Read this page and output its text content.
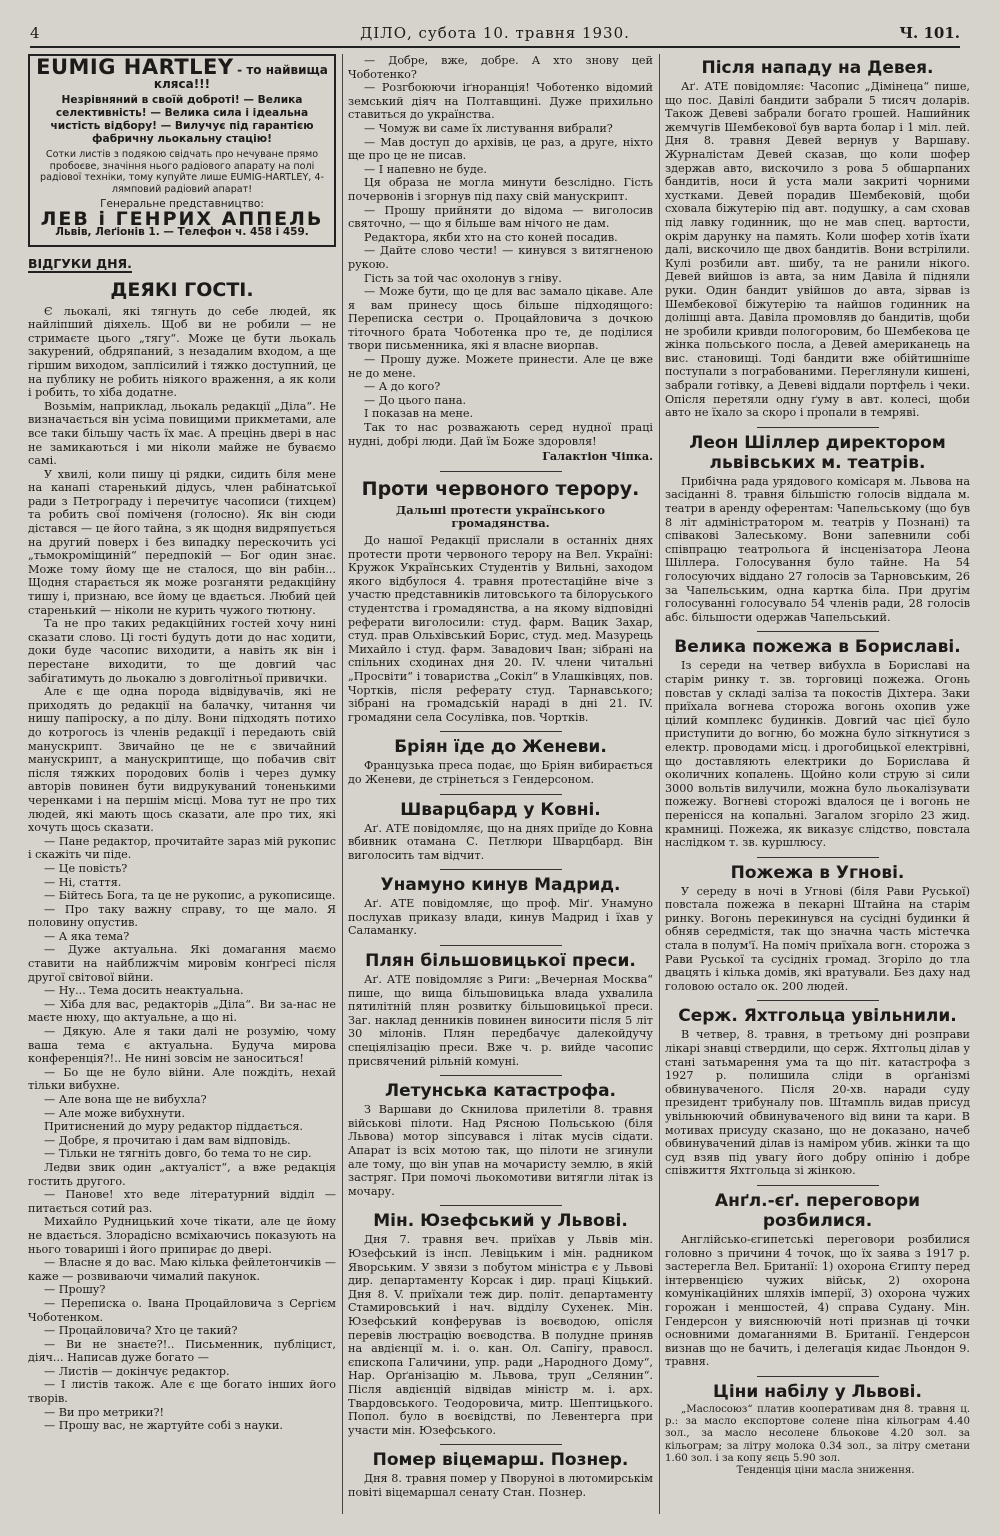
4	ДІЛО, субота 10. травня 1930.	Ч. 101.
EUMIG HARTLEY - то найвища кляса!!!
Незрівняний в своїй доброті! — Велика селективність! — Велика сила і ідеальна чистість відбору! — Вилучує під гарантією фабричну льокальну стацію!
Сотки листів з подякою свідчать про нечуване прямо пробоєве, значіння нього радіового апарату на полі радіової техніки, тому купуйте лише EUMIG-HARTLEY, 4-лямповий радіовий апарат!
Генеральне представництво:
ЛЕВ і ГЕНРИХ АППЕЛЬ
Львів, Леґіонів 1. — Телефон ч. 458 і 459.
ВІДГУКИ ДНЯ.
ДЕЯКІ ГОСТІ.

Є льокалі, які тягнуть до себе людей, як найліпший діяхель. Щоб ви не робили — не стримаєте цього „тягу“. Може це бути льокаль закурений, обдряпаний, з незадалим входом, а ще гіршим виходом, заплісилий і тяжко доступний, це на публику не робить ніякого враження, а як коли і робить, то хіба додатне.

Возьмім, наприклад, льокаль редакції „Діла“. Не визначається він усіма повищими прикметами, але все таки більшу часть їх має. А прецінь двері в нас не замикаються і ми ніколи майже не буваємо самі.

У хвилі, коли пишу ці рядки, сидить біля мене на канапі старенький дідусь, член рабінатської ради з Петрограду і перечитує часописи (тихцем) та робить свої поміченя (голосно). Як він сюди дістався — це його тайна, з як щодня видряпується на другий поверх і без випадку перескочить усі „тьмокроміщиній“ передпокій — Бог один знає. Може тому йому ще не сталося, що він рабін... Щодня старається як може розганяти редакційну тишу і, признаю, все йому це вдається. Любий цей старенький — ніколи не курить чужого тютюну.

Та не про таких редакційних гостей хочу нині сказати слово. Ці гості будуть доти до нас ходити, доки буде часопис виходити, а навіть як він і перестане виходити, то ще довгий час забігатимуть до льокалю з довголітньої привички.

Але є ще одна порода відвідувачів, які не приходять до редакції на балачку, читання чи нишу папіроску, а по ділу. Вони підходять потихо до котрогось із членів редакції і передають свій манускрипт. Звичайно це не є звичайний манускрипт, а манускриптище, що побачив світ після тяжких породових болів і через думку авторів повинен бути видрукуваний тоненькими черенками і на першім місці. Мова тут не про тих людей, які мають щось сказати, але про тих, які хочуть щось сказати.

— Пане редактор, прочитайте зараз мій рукопис і скажіть чи піде.

— Це повість?

— Ні, стаття.

— Бійтесь Бога, та це не рукопис, а рукописище.

— Про таку важну справу, то ще мало. Я половину опустив.

— А яка тема?

— Дуже актуальна. Які домагання маємо ставити на найближчім мировім конґресі після другої світової війни.

— Ну... Тема досить неактуальна.

— Хіба для вас, редакторів „Діла“. Ви за-нас не маєте нюху, що актуальне, а що ні.

— Дякую. Але я таки далі не розумію, чому ваша тема є актуальна. Будуча мирова конференція?!.. Не нині зовсім не заноситься!

— Бо ще не було війни. Але пождіть, нехай тільки вибухне.

— Але вона ще не вибухла?

— Але може вибухнути.

Притиснений до муру редактор піддається.

— Добре, я прочитаю і дам вам відповідь.

— Тільки не тягніть довго, бо тема то не сир.

Ледви звик один „актуаліст“, а вже редакція гостить другого.

— Панове! хто веде літературний відділ — питається сотий раз.

Михайло Рудницький хоче тікати, але це йому не вдається. Злорадісно всміхаючись показують на нього товариші і його припирає до двері.

— Власне я до вас. Маю кілька фейлетончиків — каже — розвиваючи чималий пакунок.

— Прошу?

— Переписка о. Івана Процайловича з Сергієм Чоботенком.

— Процайловича? Хто це такий?

— Ви не знаєте?!.. Письменник, публіцист, діяч... Написав дуже богато —

— Листів — докінчує редактор.

— І листів також. Але є ще богато інших його творів.

— Ви про метрики?!

— Прошу вас, не жартуйте собі з науки.

— Добре, вже, добре. А хто знову цей Чоботенко?

— Розгбоюючи іґноранція! Чоботенко відомий земський діяч на Полтавщині. Дуже прихильно ставиться до українства.

— Чомуж ви саме їх листування вибрали?

— Мав доступ до архівів, це раз, а друге, ніхто ще про це не писав.

— І напевно не буде.

Ця образа не могла минути безслідно. Гість почервонів і згорнув під паху свій манускрипт.

— Прошу прийняти до відома — виголосив святочно, — що я більше вам нічого не дам.

Редактора, якби хто на сто коней посадив.

— Дайте слово чести! — кинувся з витягненою рукою.

Гість за той час охолонув з гніву.

— Може бути, що це для вас замало цікаве. Але я вам принесу щось більше підходящого: Переписка сестри о. Процайловича з дочкою тіточного брата Чоботенка про те, де поділися твори письменника, які я власне виорпав.

— Прошу дуже. Можете принести. Але це вже не до мене.

— А до кого?

— До цього пана.

І показав на мене.

Так то нас розважають серед нудної праці нудні, добрі люди. Дай їм Боже здоровля!

Галактіон Чіпка.

Проти червоного терору.
Дальші протести українського громадянства.

До нашої Редакції прислали в останніх днях протести проти червоного терору на Вел. Україні: Кружок Українських Студентів у Вильні, заходом якого відбулося 4. травня протестаційне віче з участю представників литовського та білоруського студентства і громадянства, а на якому відповідні реферати виголосили: студ. фарм. Вацик Захар, студ. прав Ольхівський Борис, студ. мед. Мазурець Михайло і студ. фарм. Завадович Іван; зібрані на спільних сходинах дня 20. IV. члени читальні „Просвіти“ і товариства „Сокіл“ в Улашківцях, пов. Чортків, після реферату студ. Тарнавського; зібрані на громадській нараді в дні 21. IV. громадяни села Сосулівка, пов. Чортків.

Бріян їде до Женеви.

Французька преса подає, що Бріян вибирається до Женеви, де стрінеться з Гендерсоном.

Шварцбард у Ковні.

Аґ. АТЕ повідомляє, що на днях приїде до Ковна вбивник отамана С. Петлюри Шварцбард. Він виголосить там відчит.

Унамуно кинув Мадрид.

Аґ. АТЕ повідомляє, що проф. Міґ. Унамуно послухав приказу влади, кинув Мадрид і їхав у Саламанку.

Плян більшовицької преси.

Аґ. АТЕ повідомляє з Риги: „Вечерная Москва“ пише, що вища більшовицька влада ухвалила пятилітній плян розвитку більшовицької преси. Заг. наклад денників повинен виносити після 5 літ 30 мілонів. Плян передбачує далекойдучу спеціялізацію преси. Вже ч. р. вийде часопис присвячений рільній комуні.

Летунська катастрофа.

З Варшави до Скнилова прилетіли 8. травня військові пілоти. Над Рясною Польською (біля Львова) мотор зіпсувався і літак мусів сідати. Апарат із всіх мотою так, що пілоти не згинули але тому, що він упав на мочаристу землю, в якій застряг. При помочі льокомотиви витягли літак із мочару.

Мін. Юзефський у Львові.

Дня 7. травня веч. приїхав у Львів мін. Юзефський із інсп. Левіцьким і мін. радником Яворським. У звязи з побутом міністра є у Львові дир. департаменту Корсак і дир. праці Кіцький. Дня 8. V. приїхали теж дир. політ. департаменту Стамировський і нач. відділу Сухенек. Мін. Юзефський конферував із воєводою, опісля перевів люстрацію воєводства. В полудне приняв на авдієнції м. і. о. кан. Ол. Сапігу, правосл. єпископа Галичини, упр. ради „Народного Дому“, Нар. Орґанізацію м. Львова, труп „Селянин“. Після авдієнцій відвідав міністр м. і. арх. Твардовського. Теодоровича, митр. Шептицького. Попол. було в воєвідстві, по Левентерга при участи мін. Юзефського.

Помер віцемарш. Познер.

Дня 8. травня помер у Пворуноі в лютомирськім повіті віцемаршал сенату Стан. Познер.

Після нападу на Девея.

Аґ. АТЕ повідомляє: Часопис „Дімінеца“ пише, що пос. Давілі бандити забрали 5 тисяч доларів. Також Девеві забрали богато грошей. Нашийник жемчугів Шембекової був варта болар і 1 міл. лей. Дня 8. травня Девей вернув у Варшаву. Журналістам Девей сказав, що коли шофер здержав авто, вискочило з рова 5 обшарпаних бандитів, носи й уста мали закриті чорними хустками. Девей порадив Шембековій, щоби сховала біжутерію під авт. подушку, а сам сховав під лавку годинник, що не мав спец. вартости, окрім дарунку на память. Коли шофер хотів їхати далі, вискочило ще двох бандитів. Вони встрілили. Кулі розбили авт. шибу, та не ранили нікого. Девей вийшов із авта, за ним Давіла й підняли руки. Один бандит увійшов до авта, зірвав із Шембекової біжутерію та найшов годинник на долішці авта. Давіла промовляв до бандитів, щоби не зробили кривди пологоровим, бо Шембекова це жінка польського посла, а Девей американець на вис. становищі. Тоді бандити вже обійтишніше поступали з пограбованими. Переглянули кишені, забрали готівку, а Девеві віддали портфель і чеки. Опісля перетяли одну ґуму в авт. колесі, щоби авто не їхало за скоро і пропали в темряві.

Леон Шіллер директором львівських м. театрів.

Прибічна рада урядового комісаря м. Львова на засіданні 8. травня більшістю голосів віддала м. театри в аренду оферентам: Чапельському (що був 8 літ адміністратором м. театрів у Познані) та співакові Залеському. Вони запевнили собі співпрацю театрольога й інсценізатора Леона Шіллера. Голосування було тайне. На 54 голосуючих віддано 27 голосів за Тарновським, 26 за Чапельським, одна картка біла. При другім голосуванні голосувало 54 членів ради, 28 голосів абс. більшости одержав Чапельський.

Велика пожежа в Бориславі.

Із середи на четвер вибухла в Бориславі на старім ринку т. зв. торговиці пожежа. Огонь повстав у складі заліза та покостів Діхтера. Заки приїхала вогнева сторожа вогонь охопив уже цілий комплекс будинків. Довгий час цієї було приступити до вогню, бо можна було зіткнутися з електр. проводами місц. і дрогобицької електрівні, що доставляють електрики до Борислава й околичних копалень. Щойно коли струю зі сили 3000 вольтів вилучили, можна було льокалізувати пожежу. Вогневі сторожі вдалося це і вогонь не перенісся на копальні. Загалом згоріло 23 жид. крамниці. Пожежа, як виказує слідство, повстала наслідком т. зв. куршлюсу.

Пожежа в Угнові.

У середу в ночі в Угнові (біля Рави Руської) повстала пожежа в пекарні Штайна на старім ринку. Вогонь перекинувся на сусідні будинки й обняв середмістя, так що значна часть містечка стала в полум'ї. На поміч приїхала вогн. сторожа з Рави Руської та сусідніх громад. Згоріло до тла двацять і кілька домів, які вратували. Без даху над головою остало ок. 200 людей.

Серж. Яхтгольца увільнили.

В четвер, 8. травня, в третьому дні розправи лікарі знавці ствердили, що серж. Яхтгольц ділав у стані затьмарення ума та що піт. катастрофа з 1927 р. полишила сліди в орґанізмі обвинуваченого. Після 20-хв. наради суду президент трибуналу пов. Штампль видав присуд увільнюючий обвинуваченого від вини та кари. В мотивах присуду сказано, що не доказано, начеб обвинувачений ділав із наміром убив. жінки та що суд взяв під увагу його добру опінію і добре співжиття Яхтгольца зі жінкою.

Анґл.-єґ. переговори розбилися.

Англійсько-єгипетські переговори розбилися головно з причини 4 точок, що їх заява з 1917 р. застерегла Вел. Британії: 1) охорона Єгипту перед інтервенцією чужих військ, 2) охорона комунікаційних шляхів імперії, 3) охорона чужих горожан і меншостей, 4) справа Судану. Мін. Гендерсон у вияснюючій ноті признав ці точки основними домаганнями В. Британії. Гендерсон визнав що не бачить, і делегація кидає Льондон 9. травня.

Ціни набілу у Львові.

„Маслосоюз“ платив кооперативам дня 8. травня ц. р.: за масло експортове солене піна кільограм 4.40 зол., за масло несолене бльокове 4.20 зол. за кільограм; за літру молока 0.34 зол., за літру сметани 1.60 зол. і за копу яєць 5.90 зол.

Тенденція ціни масла зниження.
